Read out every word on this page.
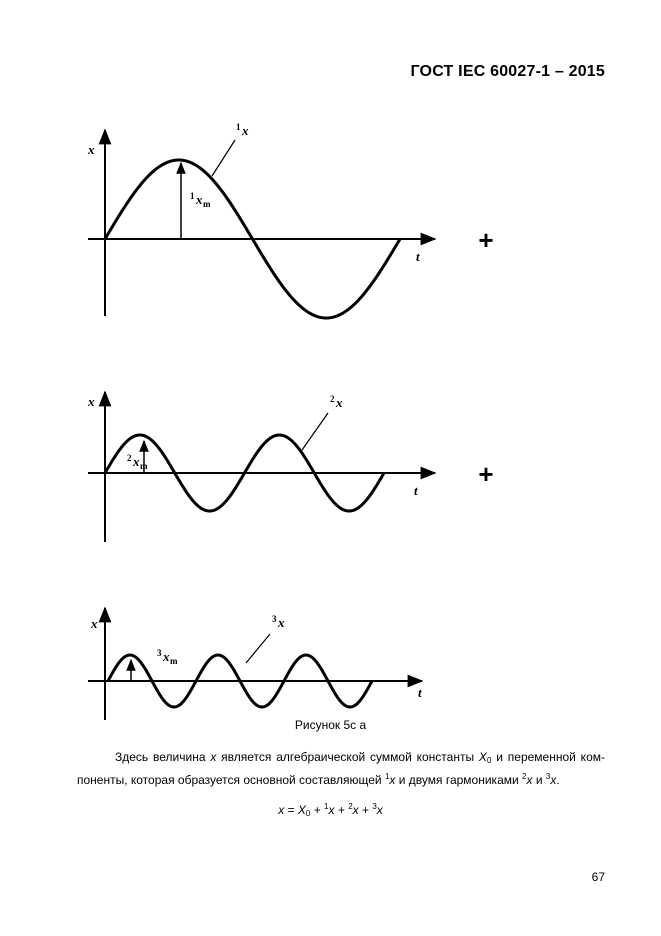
ГОСТ IEC 60027-1 – 2015
x
t
1 x
1 xm
+
x
t
2 x
2 xm	+
x
t
3 x
3 xm
Рисунок 5с а
Здесь величина x является алгебраической суммой константы $X_0$ и переменной ком-
поненты, которая образуется основной составляющей $^1$x и двумя гармониками $^2$x и $^3$x.
$x = X_0 + ^1x + ^2x + ^3x$
67
